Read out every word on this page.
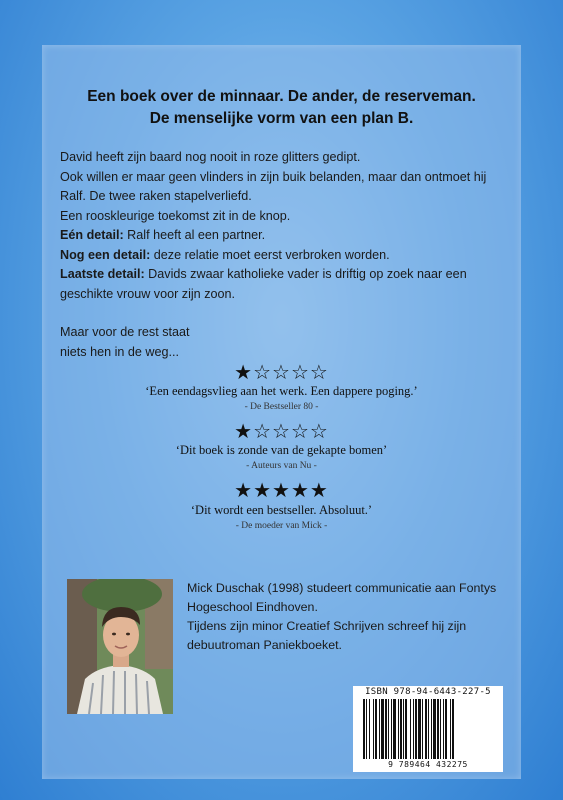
Een boek over de minnaar. De ander, de reserveman.
De menselijke vorm van een plan B.

David heeft zijn baard nog nooit in roze glitters gedipt.

Ook willen er maar geen vlinders in zijn buik belanden, maar dan ontmoet hij Ralf. De twee raken stapelverliefd.

Een rooskleurige toekomst zit in de knop.

Eén detail: Ralf heeft al een partner.

Nog een detail: deze relatie moet eerst verbroken worden.

Laatste detail: Davids zwaar katholieke vader is driftig op zoek naar een geschikte vrouw voor zijn zoon.

Maar voor de rest staat

niets hen in de weg...

★☆☆☆☆
‘Een eendagsvlieg aan het werk. Een dappere poging.’
- De Bestseller 80 -
★☆☆☆☆
‘Dit boek is zonde van de gekapte bomen’
- Auteurs van Nu -
★★★★★
‘Dit wordt een bestseller. Absoluut.’
- De moeder van Mick -

Mick Duschak (1998) studeert communicatie aan Fontys Hogeschool Eindhoven.

Tijdens zijn minor Creatief Schrijven schreef hij zijn debuutroman Paniekboeket.

ISBN 978-94-6443-227-5
9 789464 432275
